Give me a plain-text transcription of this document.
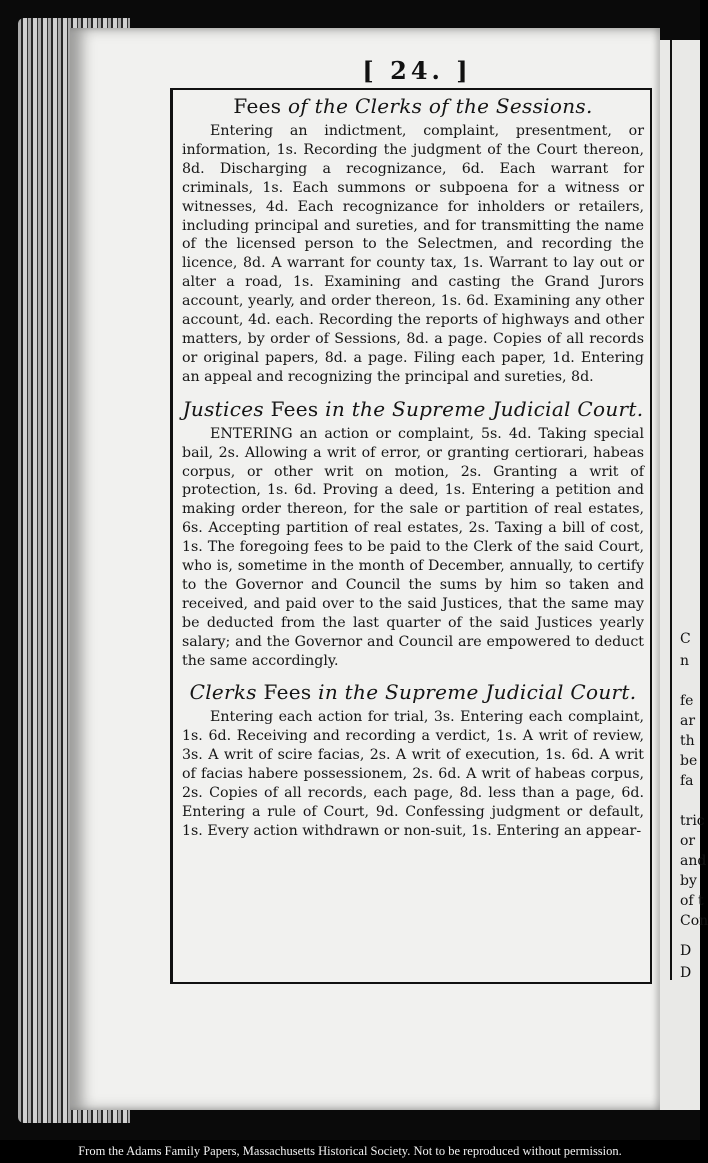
C
n
fe
ar
th
be
fa
tric
or
and
by
of t
Con
D
D
[ 24. ]
Fees of the Clerks of the Sessions.

Entering an indictment, complaint, presentment, or information, 1s. Recording the judgment of the Court thereon, 8d. Discharging a recognizance, 6d. Each warrant for criminals, 1s. Each summons or subpoena for a witness or witnesses, 4d. Each recognizance for inholders or retailers, including principal and sureties, and for transmitting the name of the licensed person to the Selectmen, and recording the licence, 8d. A warrant for county tax, 1s. Warrant to lay out or alter a road, 1s. Examining and casting the Grand Jurors account, yearly, and order thereon, 1s. 6d. Examining any other account, 4d. each. Recording the reports of highways and other matters, by order of Sessions, 8d. a page. Copies of all records or original papers, 8d. a page. Filing each paper, 1d. Entering an appeal and recognizing the principal and sureties, 8d.

Justices Fees in the Supreme Judicial Court.

ENTERING an action or complaint, 5s. 4d. Taking special bail, 2s. Allowing a writ of error, or granting certiorari, habeas corpus, or other writ on motion, 2s. Granting a writ of protection, 1s. 6d. Proving a deed, 1s. Entering a petition and making order thereon, for the sale or partition of real estates, 6s. Accepting partition of real estates, 2s. Taxing a bill of cost, 1s. The foregoing fees to be paid to the Clerk of the said Court, who is, sometime in the month of December, annually, to certify to the Governor and Council the sums by him so taken and received, and paid over to the said Justices, that the same may be deducted from the last quarter of the said Justices yearly salary; and the Governor and Council are empowered to deduct the same accordingly.

Clerks Fees in the Supreme Judicial Court.

Entering each action for trial, 3s. Entering each complaint, 1s. 6d. Receiving and recording a verdict, 1s. A writ of review, 3s. A writ of scire facias, 2s. A writ of execution, 1s. 6d. A writ of facias habere possessionem, 2s. 6d. A writ of habeas corpus, 2s. Copies of all records, each page, 8d. less than a page, 6d. Entering a rule of Court, 9d. Confessing judgment or default, 1s. Every action withdrawn or non-suit, 1s. Entering an appear-

From the Adams Family Papers, Massachusetts Historical Society. Not to be reproduced without permission.
